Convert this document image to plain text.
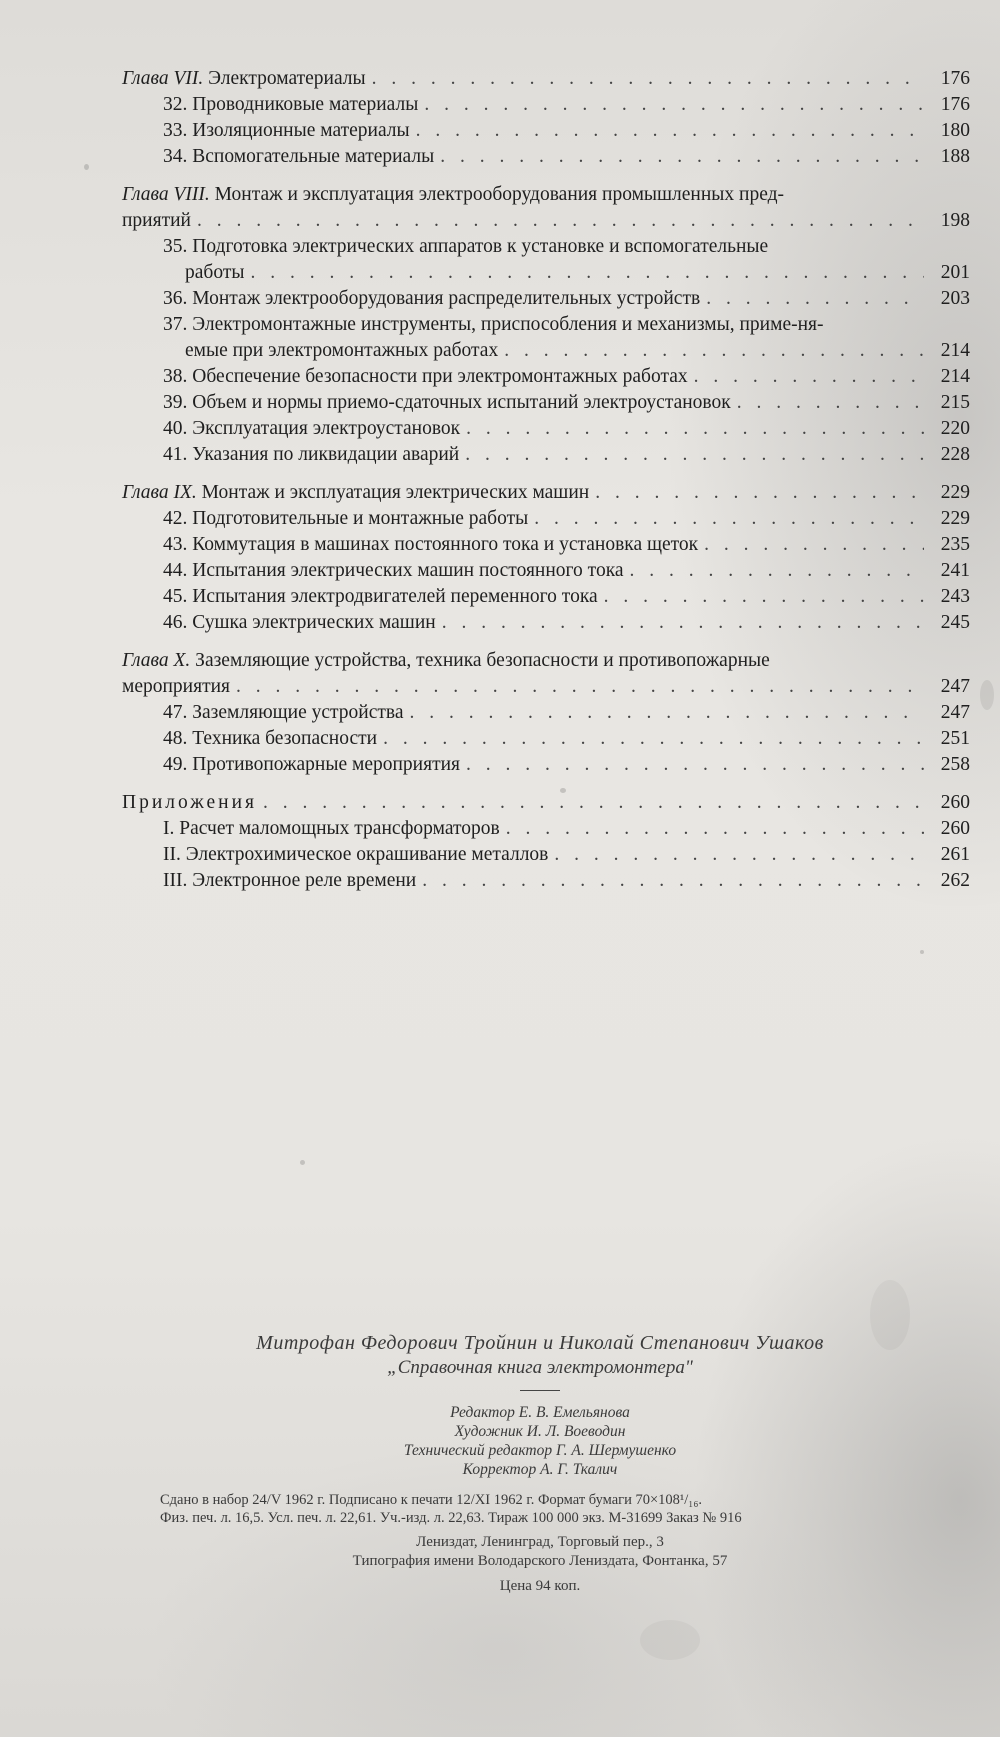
Глава VII. Электроматериалы . . .	176
32. Проводниковые материалы . . .	176
33. Изоляционные материалы . . .	180
34. Вспомогательные материалы . . .	188
Глава VIII. Монтаж и эксплуатация электрооборудования промышленных пред-
приятий . . .	198
35. Подготовка электрических аппаратов к установке и вспомогательные
работы . . .	201
36. Монтаж электрооборудования распределительных устройств . . .	203
37. Электромонтажные инструменты, приспособления и механизмы, приме-ня-
емые при электромонтажных работах . . .	214
38. Обеспечение безопасности при электромонтажных работах . . .	214
39. Объем и нормы приемо-сдаточных испытаний электроустановок . . .	215
40. Эксплуатация электроустановок . . .	220
41. Указания по ликвидации аварий . . .	228
Глава IX. Монтаж и эксплуатация электрических машин . . .	229
42. Подготовительные и монтажные работы . . .	229
43. Коммутация в машинах постоянного тока и установка щеток . . .	235
44. Испытания электрических машин постоянного тока . . .	241
45. Испытания электродвигателей переменного тока . . .	243
46. Сушка электрических машин . . .	245
Глава X. Заземляющие устройства, техника безопасности и противопожарные
мероприятия . . .	247
47. Заземляющие устройства . . .	247
48. Техника безопасности . . .	251
49. Противопожарные мероприятия . . .	258
Приложения . . .	260
I. Расчет маломощных трансформаторов . . .	260
II. Электрохимическое окрашивание металлов . . .	261
III. Электронное реле времени . . .	262
Митрофан Федорович Тройнин и Николай Степанович Ушаков
„Справочная книга электромонтера"
Редактор Е. В. Емельянова
Художник И. Л. Воеводин
Технический редактор Г. А. Шермушенко
Корректор А. Г. Ткалич
Сдано в набор 24/V 1962 г. Подписано к печати 12/XI 1962 г. Формат бумаги 70×108¹/₁₆.
Физ. печ. л. 16,5. Усл. печ. л. 22,61. Уч.-изд. л. 22,63. Тираж 100 000 экз. М-31699 Заказ № 916
Лениздат, Ленинград, Торговый пер., 3
Типография имени Володарского Лениздата, Фонтанка, 57
Цена 94 коп.
